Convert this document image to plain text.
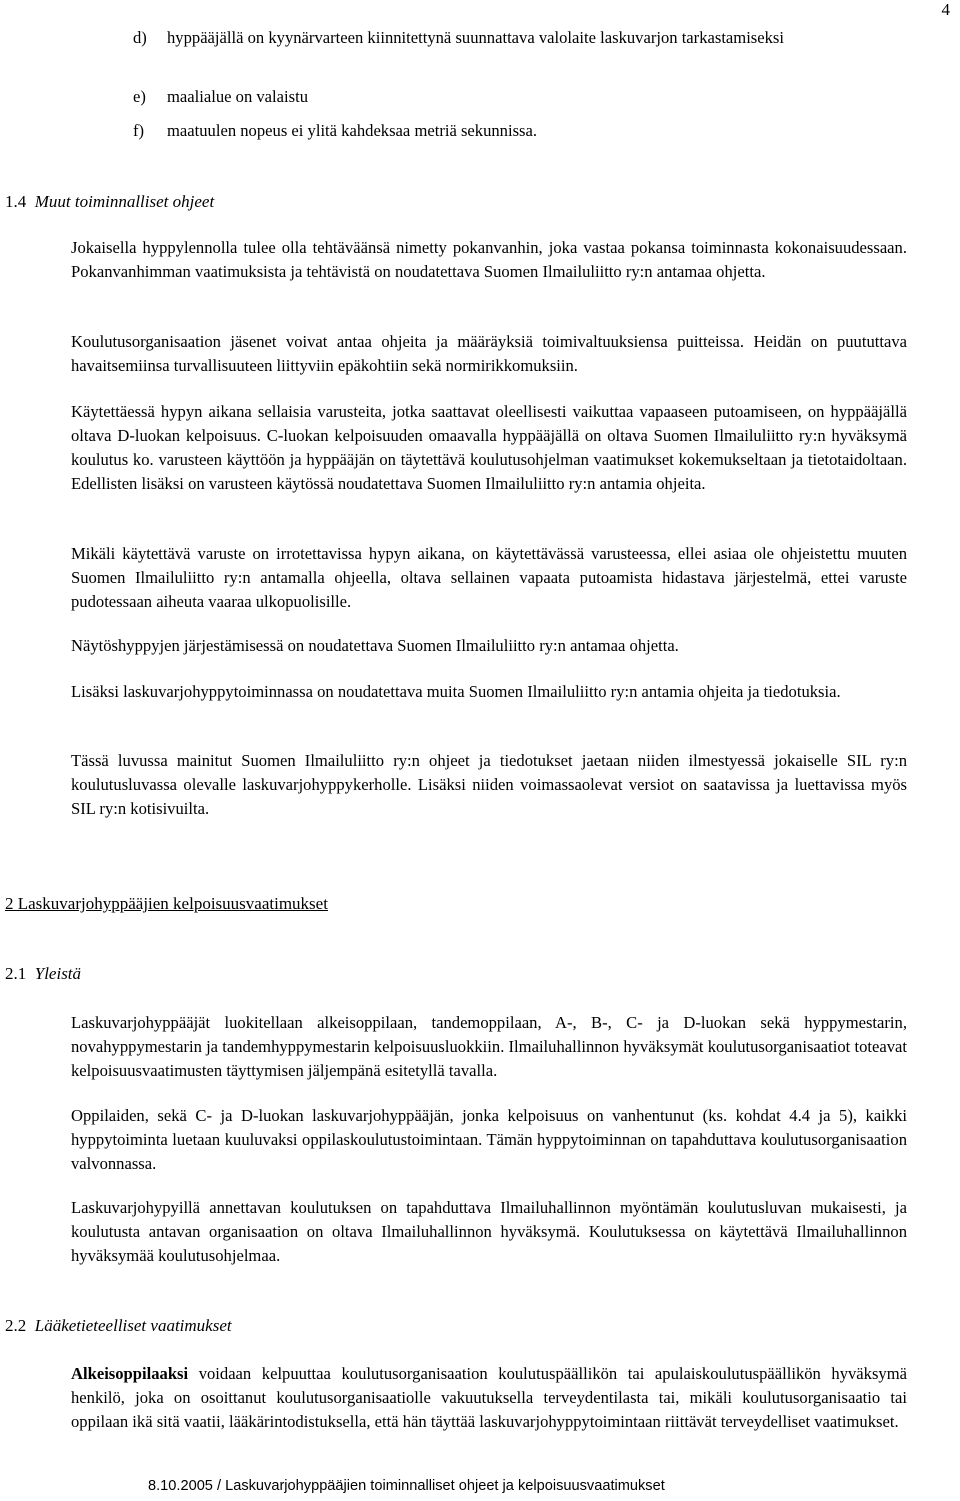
4
d) hyppääjällä on kyynärvarteen kiinnitettynä suunnattava valolaite laskuvarjon tarkastamiseksi
e) maalialue on valaistu
f) maatuulen nopeus ei ylitä kahdeksaa metriä sekunnissa.
1.4 Muut toiminnalliset ohjeet

Jokaisella hyppylennolla tulee olla tehtäväänsä nimetty pokanvanhin, joka vastaa pokansa toiminnasta kokonaisuudessaan. Pokanvanhimman vaatimuksista ja tehtävistä on noudatettava Suomen Ilmailuliitto ry:n antamaa ohjetta.

Koulutusorganisaation jäsenet voivat antaa ohjeita ja määräyksiä toimivaltuuksiensa puitteissa. Heidän on puututtava havaitsemiinsa turvallisuuteen liittyviin epäkohtiin sekä normirikkomuksiin.

Käytettäessä hypyn aikana sellaisia varusteita, jotka saattavat oleellisesti vaikuttaa vapaaseen putoamiseen, on hyppääjällä oltava D-luokan kelpoisuus. C-luokan kelpoisuuden omaavalla hyppääjällä on oltava Suomen Ilmailuliitto ry:n hyväksymä koulutus ko. varusteen käyttöön ja hyppääjän on täytettävä koulutusohjelman vaatimukset kokemukseltaan ja tietotaidoltaan. Edellisten lisäksi on varusteen käytössä noudatettava Suomen Ilmailuliitto ry:n antamia ohjeita.

Mikäli käytettävä varuste on irrotettavissa hypyn aikana, on käytettävässä varusteessa, ellei asiaa ole ohjeistettu muuten Suomen Ilmailuliitto ry:n antamalla ohjeella, oltava sellainen vapaata putoamista hidastava järjestelmä, ettei varuste pudotessaan aiheuta vaaraa ulkopuolisille.

Näytöshyppyjen järjestämisessä on noudatettava Suomen Ilmailuliitto ry:n antamaa ohjetta.

Lisäksi laskuvarjohyppytoiminnassa on noudatettava muita Suomen Ilmailuliitto ry:n antamia ohjeita ja tiedotuksia.

Tässä luvussa mainitut Suomen Ilmailuliitto ry:n ohjeet ja tiedotukset jaetaan niiden ilmestyessä jokaiselle SIL ry:n koulutusluvassa olevalle laskuvarjohyppykerholle. Lisäksi niiden voimassaolevat versiot on saatavissa ja luettavissa myös SIL ry:n kotisivuilta.

2 Laskuvarjohyppääjien kelpoisuusvaatimukset
2.1 Yleistä

Laskuvarjohyppääjät luokitellaan alkeisoppilaan, tandemoppilaan, A-, B-, C- ja D-luokan sekä hyppymestarin, novahyppymestarin ja tandemhyppymestarin kelpoisuusluokkiin. Ilmailuhallinnon hyväksymät koulutusorganisaatiot toteavat kelpoisuusvaatimusten täyttymisen jäljempänä esitetyllä tavalla.

Oppilaiden, sekä C- ja D-luokan laskuvarjohyppääjän, jonka kelpoisuus on vanhentunut (ks. kohdat 4.4 ja 5), kaikki hyppytoiminta luetaan kuuluvaksi oppilaskoulutustoimintaan. Tämän hyppytoiminnan on tapahduttava koulutusorganisaation valvonnassa.

Laskuvarjohypyillä annettavan koulutuksen on tapahduttava Ilmailuhallinnon myöntämän koulutusluvan mukaisesti, ja koulutusta antavan organisaation on oltava Ilmailuhallinnon hyväksymä. Koulutuksessa on käytettävä Ilmailuhallinnon hyväksymää koulutusohjelmaa.

2.2 Lääketieteelliset vaatimukset

Alkeisoppilaaksi voidaan kelpuuttaa koulutusorganisaation koulutuspäällikön tai apulaiskoulutuspäällikön hyväksymä henkilö, joka on osoittanut koulutusorganisaatiolle vakuutuksella terveydentilasta tai, mikäli koulutusorganisaatio tai oppilaan ikä sitä vaatii, lääkärintodistuksella, että hän täyttää laskuvarjohyppytoimintaan riittävät terveydelliset vaatimukset.

8.10.2005 / Laskuvarjohyppääjien toiminnalliset ohjeet ja kelpoisuusvaatimukset
